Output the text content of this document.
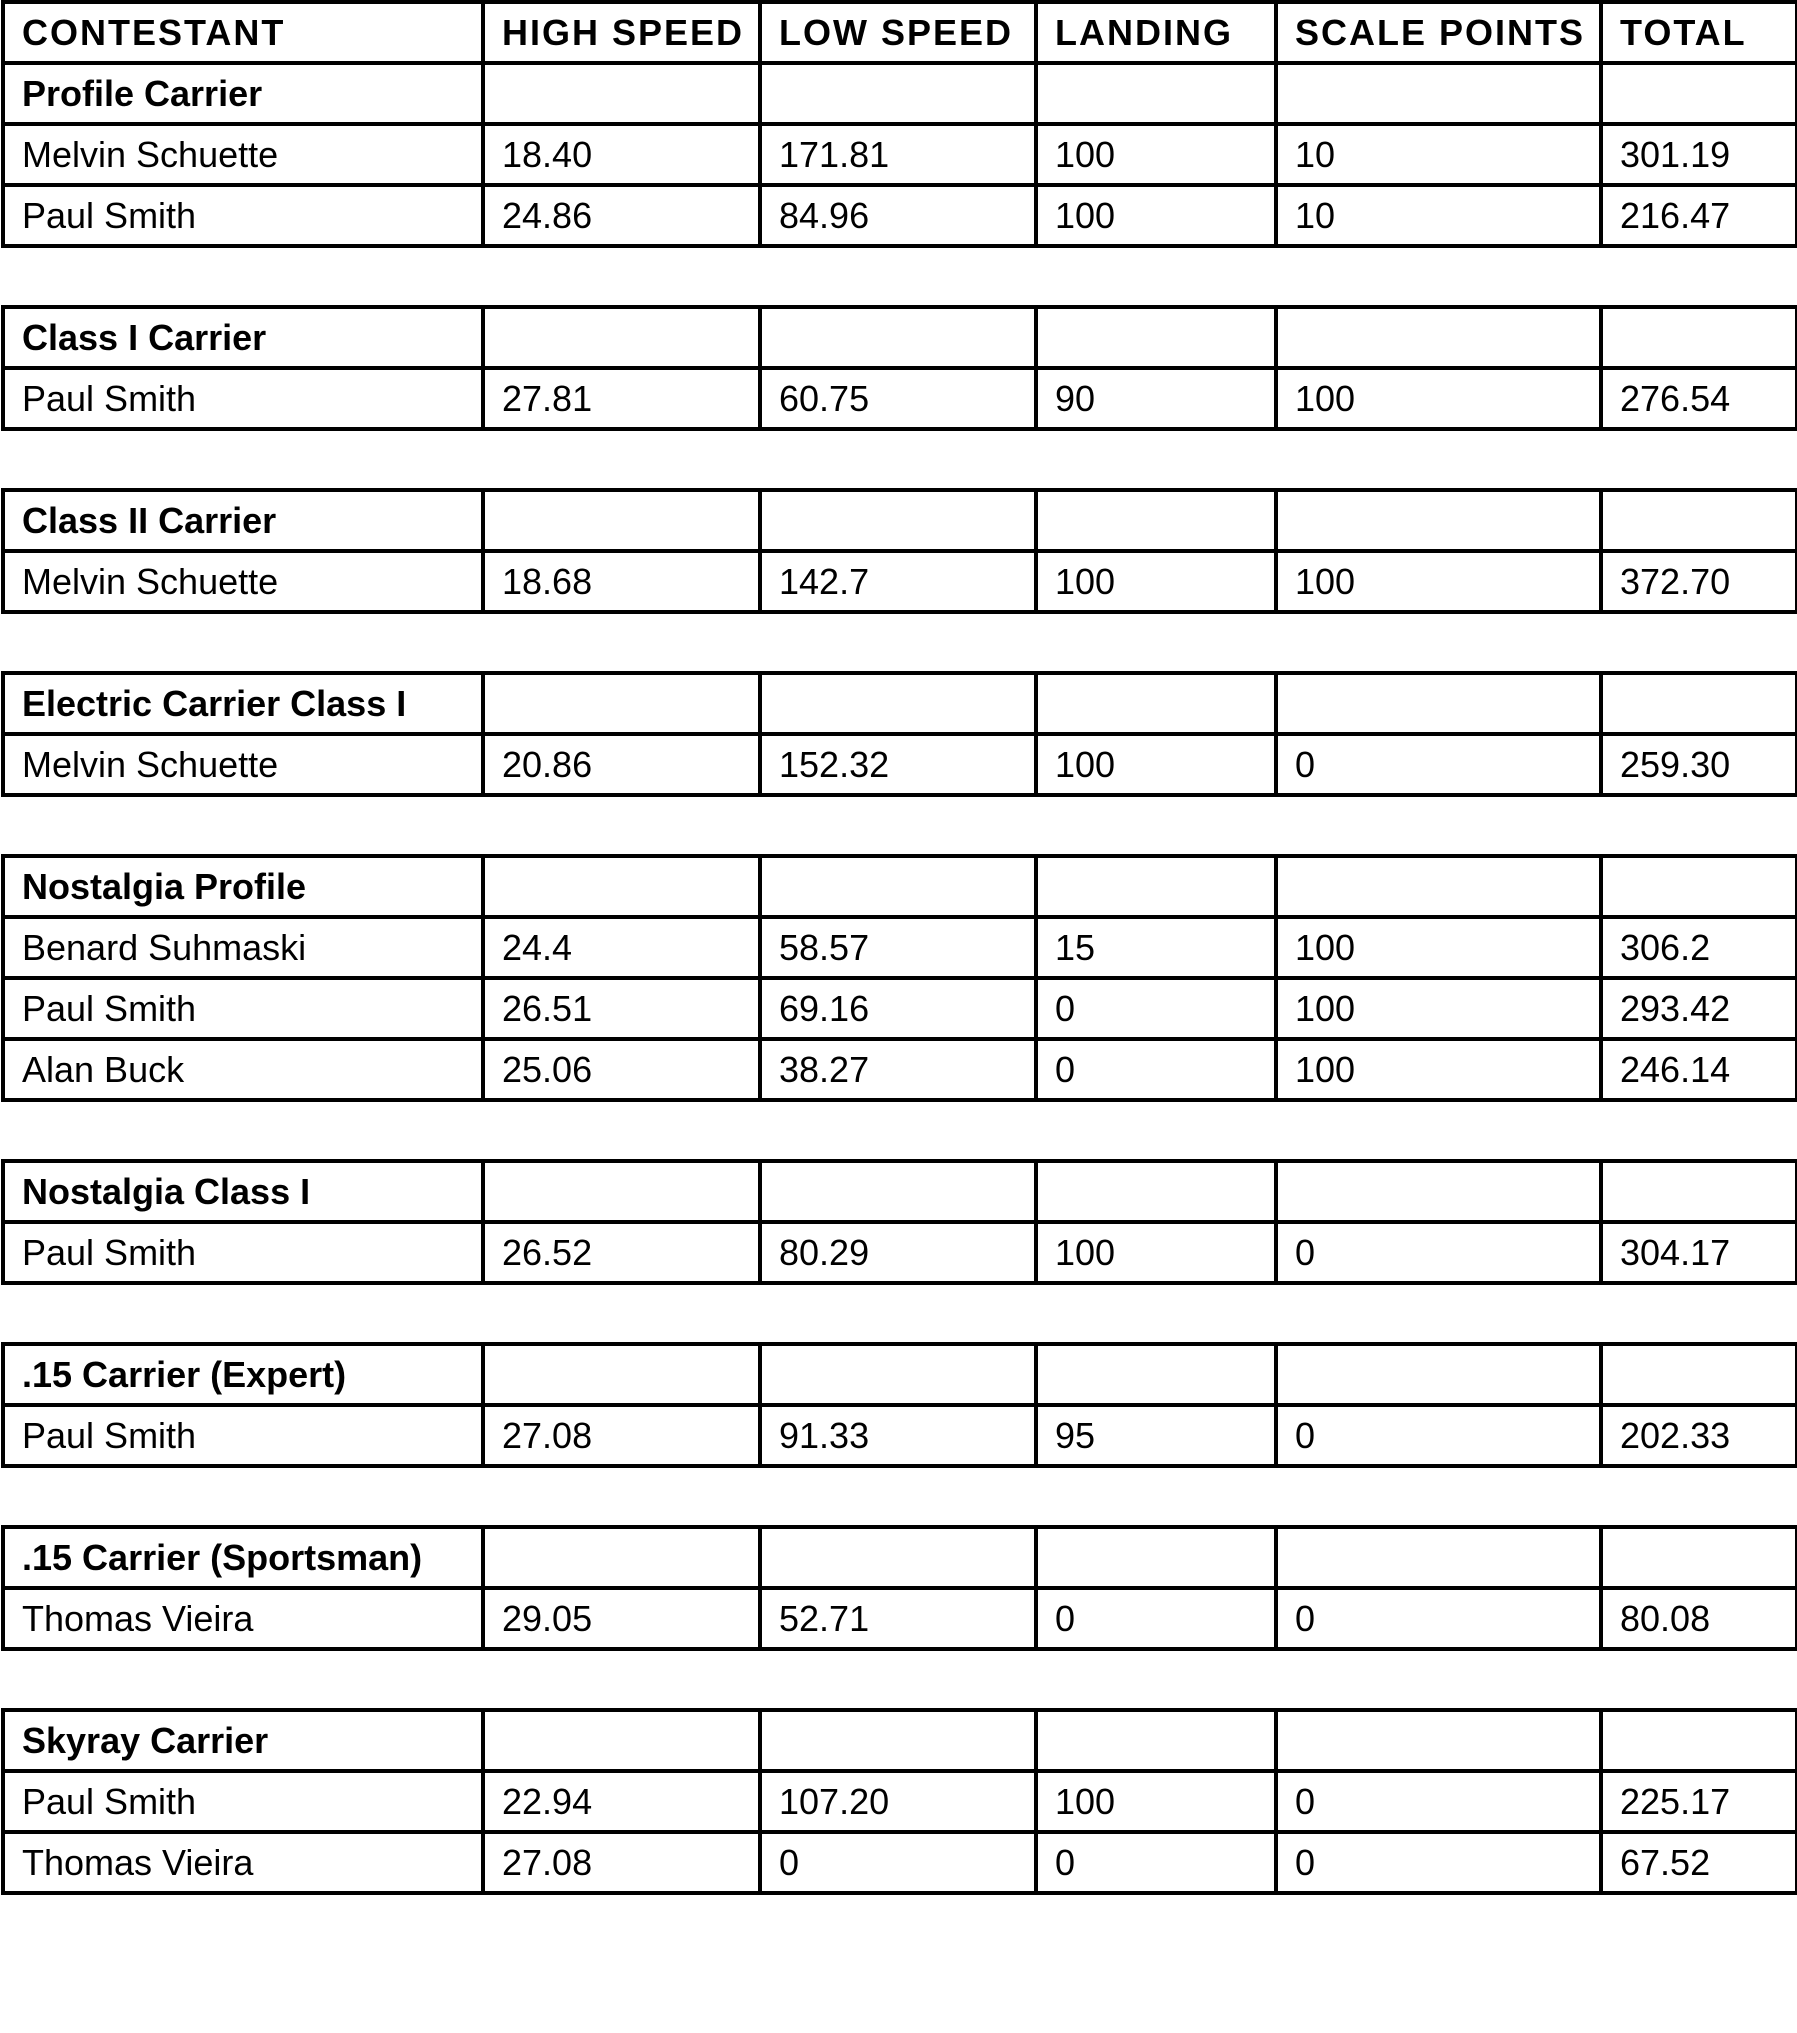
CONTESTANT	HIGH SPEED	LOW SPEED	LANDING	SCALE POINTS	TOTAL
Profile Carrier					
Melvin Schuette	18.40	171.81	100	10	301.19
Paul Smith	24.86	84.96	100	10	216.47
Class I Carrier					
Paul Smith	27.81	60.75	90	100	276.54
Class II Carrier					
Melvin Schuette	18.68	142.7	100	100	372.70
Electric Carrier Class I					
Melvin Schuette	20.86	152.32	100	0	259.30
Nostalgia Profile					
Benard Suhmaski	24.4	58.57	15	100	306.2
Paul Smith	26.51	69.16	0	100	293.42
Alan Buck	25.06	38.27	0	100	246.14
Nostalgia Class I					
Paul Smith	26.52	80.29	100	0	304.17
.15 Carrier (Expert)					
Paul Smith	27.08	91.33	95	0	202.33
.15 Carrier (Sportsman)					
Thomas Vieira	29.05	52.71	0	0	80.08
Skyray Carrier					
Paul Smith	22.94	107.20	100	0	225.17
Thomas Vieira	27.08	0	0	0	67.52
